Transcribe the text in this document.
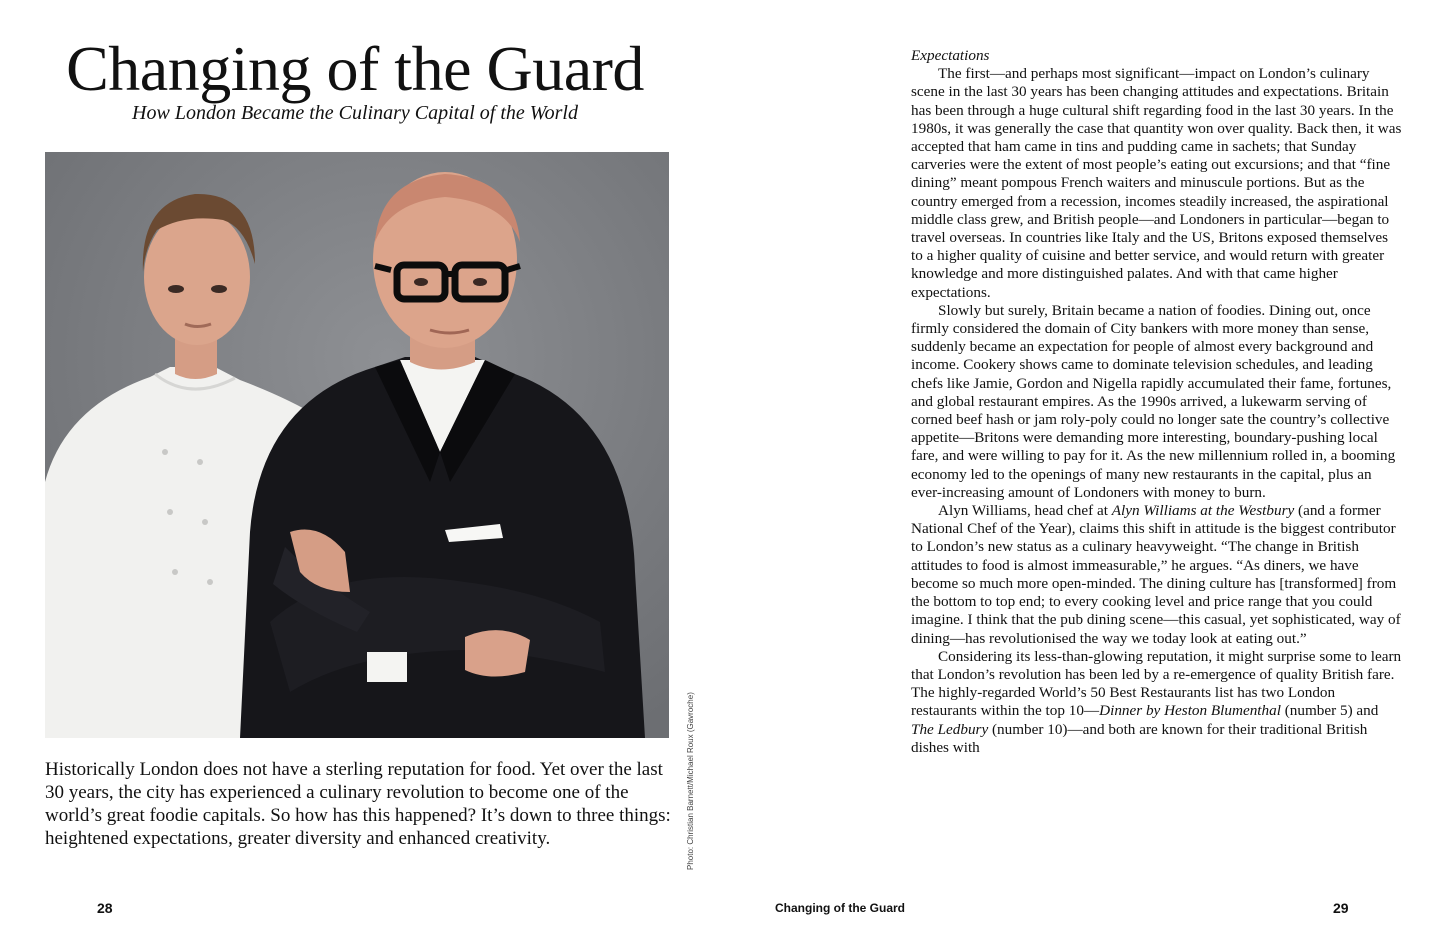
Changing of the Guard
How London Became the Culinary Capital of the World
Photo: Christian Barnett/Michael Roux (Gavroche)

Historically London does not have a sterling reputation for food. Yet over the last 30 years, the city has experienced a culinary revolution to become one of the world’s great foodie capitals. So how has this happened? It’s down to three things: heightened expectations, greater diversity and enhanced creativity.

Expectations

The first—and perhaps most significant—impact on London’s culinary scene in the last 30 years has been changing attitudes and expectations. Britain has been through a huge cultural shift regarding food in the last 30 years. In the 1980s, it was generally the case that quantity won over quality. Back then, it was accepted that ham came in tins and pudding came in sachets; that Sunday carveries were the extent of most people’s eating out excursions; and that “fine dining” meant pompous French waiters and minuscule portions. But as the country emerged from a recession, incomes steadily increased, the aspirational middle class grew, and British people—and Londoners in particular—began to travel overseas. In countries like Italy and the US, Britons exposed themselves to a higher quality of cuisine and better service, and would return with greater knowledge and more distinguished palates. And with that came higher expectations.

Slowly but surely, Britain became a nation of foodies. Dining out, once firmly considered the domain of City bankers with more money than sense, suddenly became an expectation for people of almost every background and income. Cookery shows came to dominate television schedules, and leading chefs like Jamie, Gordon and Nigella rapidly accumulated their fame, fortunes, and global restaurant empires. As the 1990s arrived, a lukewarm serving of corned beef hash or jam roly-poly could no longer sate the country’s collective appetite—Britons were demanding more interesting, boundary-pushing local fare, and were willing to pay for it. As the new millennium rolled in, a booming economy led to the openings of many new restaurants in the capital, plus an ever-increasing amount of Londoners with money to burn.

Alyn Williams, head chef at Alyn Williams at the Westbury (and a former National Chef of the Year), claims this shift in attitude is the biggest contributor to London’s new status as a culinary heavyweight. “The change in British attitudes to food is almost immeasurable,” he argues. “As diners, we have become so much more open-minded. The dining culture has [transformed] from the bottom to top end; to every cooking level and price range that you could imagine. I think that the pub dining scene—this casual, yet sophisticated, way of dining—has revolutionised the way we today look at eating out.”

Considering its less-than-glowing reputation, it might surprise some to learn that London’s revolution has been led by a re-emergence of quality British fare. The highly-regarded World’s 50 Best Restaurants list has two London restaurants within the top 10—Dinner by Heston Blumenthal (number 5) and The Ledbury (number 10)—and both are known for their traditional British dishes with

28	Changing of the Guard	29
